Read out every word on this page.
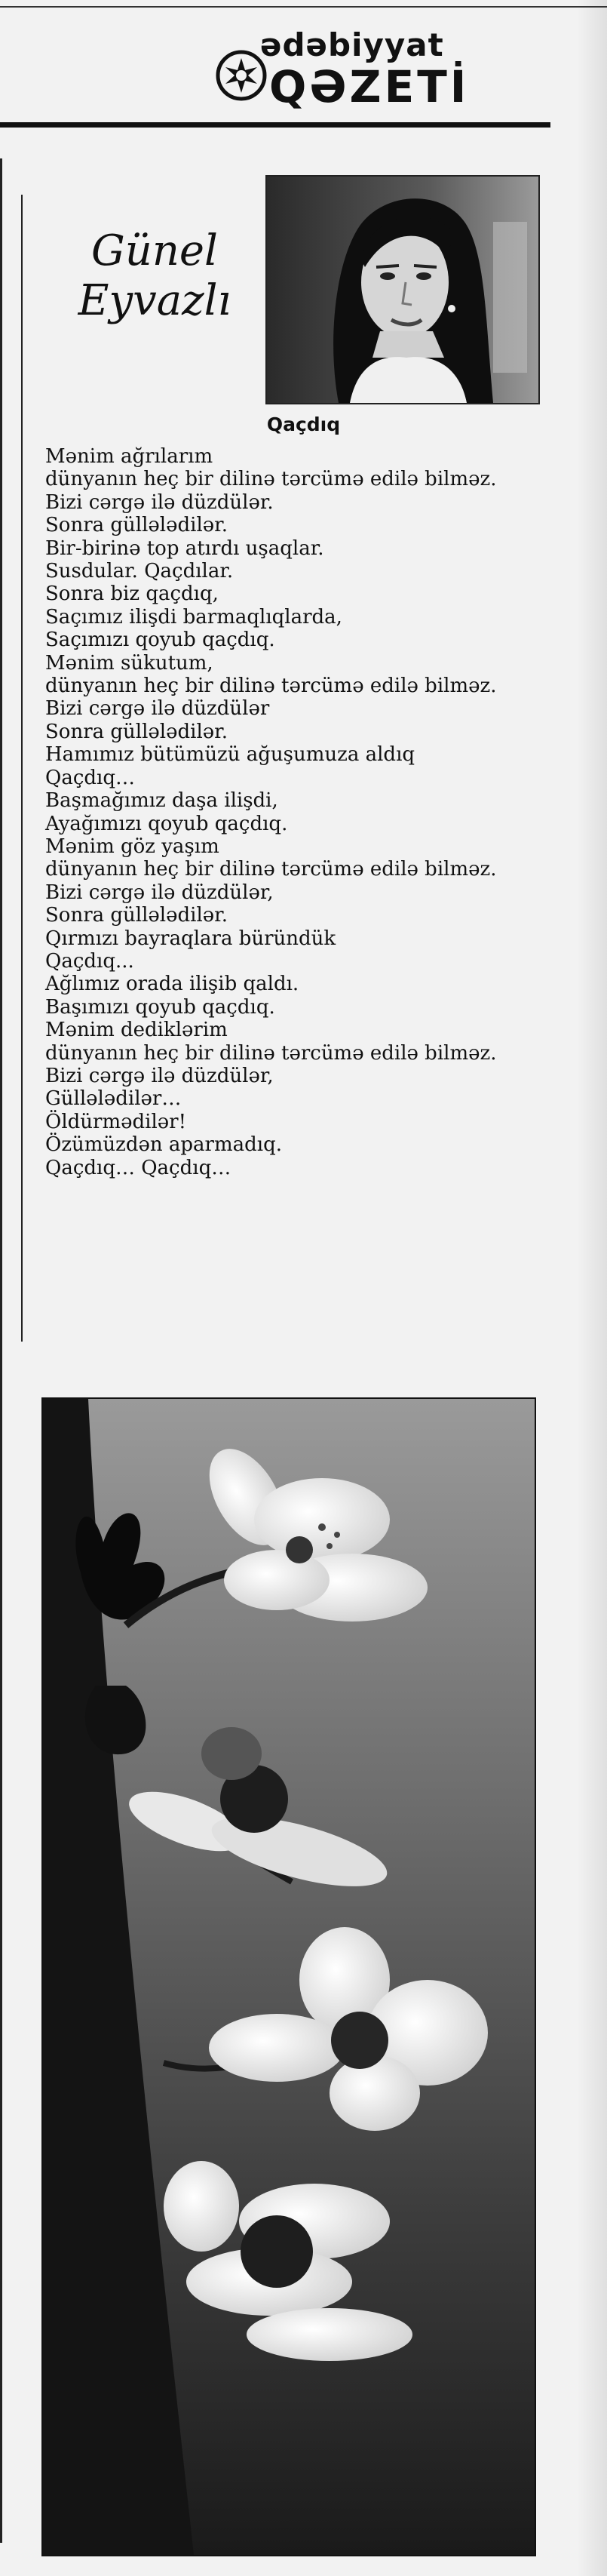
ədəbiyyat
QƏZETİ
Günel
Eyvazlı
Qaçdıq
Mənim ağrılarım
dünyanın heç bir dilinə tərcümə edilə bilməz.
Bizi cərgə ilə düzdülər.
Sonra güllələdilər.
Bir-birinə top atırdı uşaqlar.
Susdular. Qaçdılar.
Sonra biz qaçdıq,
Saçımız ilişdi barmaqlıqlarda,
Saçımızı qoyub qaçdıq.
Mənim sükutum,
dünyanın heç bir dilinə tərcümə edilə bilməz.
Bizi cərgə ilə düzdülər
Sonra güllələdilər.
Hamımız bütümüzü ağuşumuza aldıq
Qaçdıq…
Başmağımız daşa ilişdi,
Ayağımızı qoyub qaçdıq.
Mənim göz yaşım
dünyanın heç bir dilinə tərcümə edilə bilməz.
Bizi cərgə ilə düzdülər,
Sonra güllələdilər.
Qırmızı bayraqlara büründük
Qaçdıq...
Ağlımız orada ilişib qaldı.
Başımızı qoyub qaçdıq.
Mənim dediklərim
dünyanın heç bir dilinə tərcümə edilə bilməz.
Bizi cərgə ilə düzdülər,
Güllələdilər…
Öldürmədilər!
Özümüzdən aparmadıq.
Qaçdıq… Qaçdıq…
